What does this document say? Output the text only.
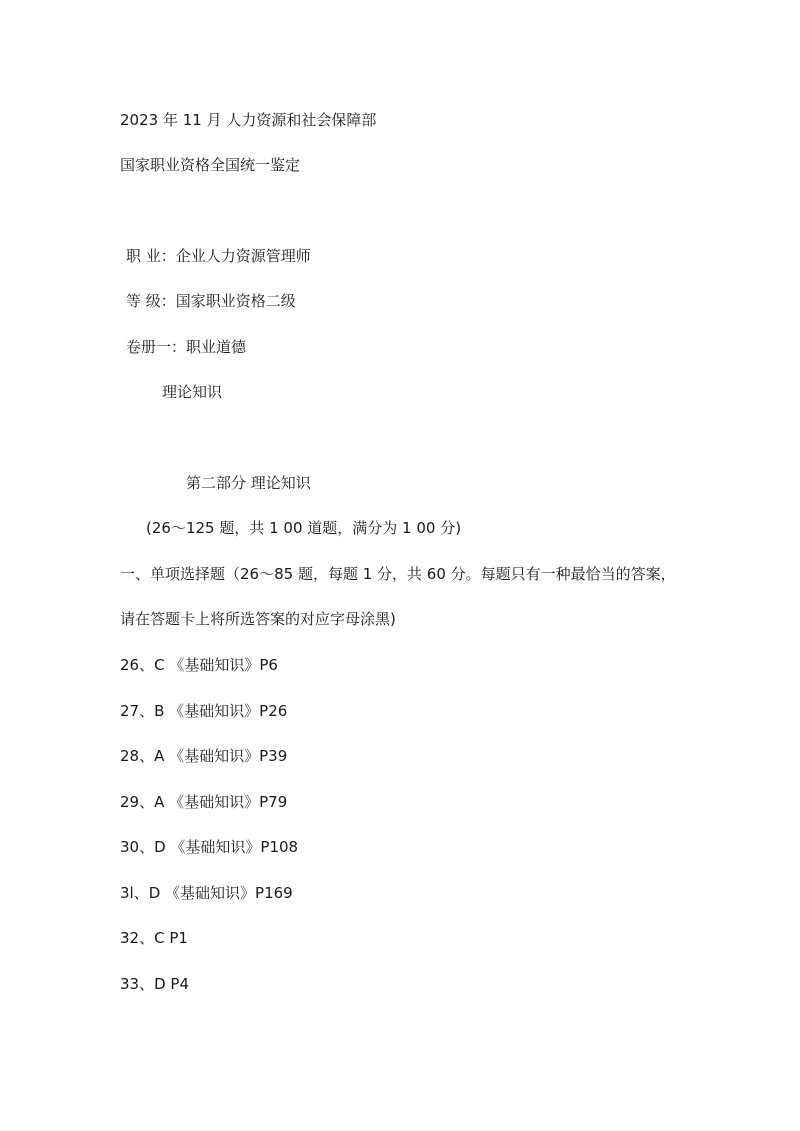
2023 年 11 月 人力资源和社会保障部
国家职业资格全国统一鉴定
职 业：企业人力资源管理师
等 级：国家职业资格二级
卷册一：职业道德
理论知识
第二部分 理论知识
(26～125 题，共 1 00 道题，满分为 1 00 分)
一、单项选择题（26～85 题，每题 1 分，共 60 分。每题只有一种最恰当的答案，
请在答题卡上将所选答案的对应字母涂黑)
26、C 《基础知识》P6
27、B 《基础知识》P26
28、A 《基础知识》P39
29、A 《基础知识》P79
30、D 《基础知识》P108
3l、D 《基础知识》P169
32、C P1
33、D P4
